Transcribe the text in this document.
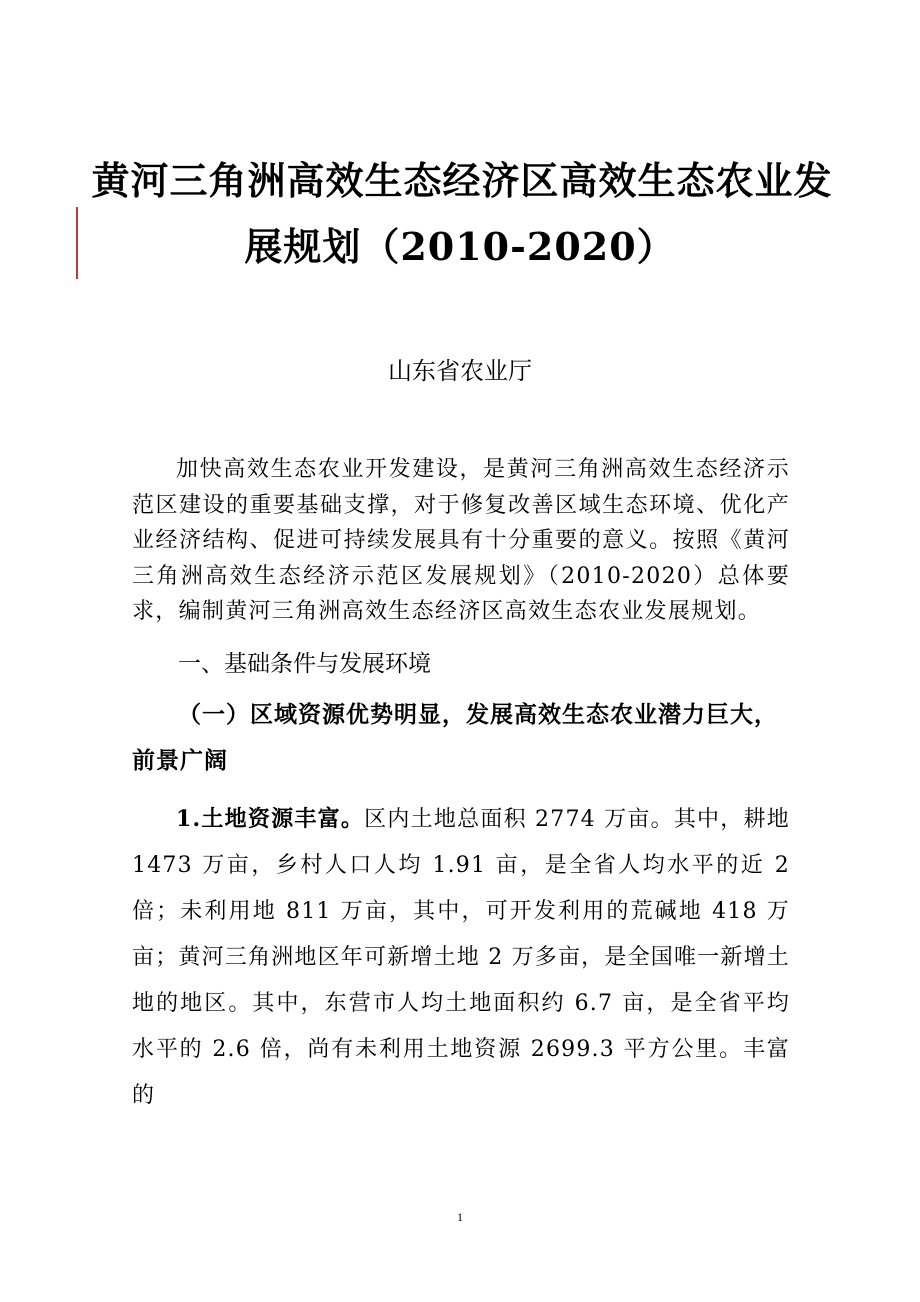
黄河三角洲高效生态经济区高效生态农业发
展规划（2010-2020）
山东省农业厅

加快高效生态农业开发建设，是黄河三角洲高效生态经济示范区建设的重要基础支撑，对于修复改善区域生态环境、优化产业经济结构、促进可持续发展具有十分重要的意义。按照《黄河三角洲高效生态经济示范区发展规划》（2010-2020）总体要求，编制黄河三角洲高效生态经济区高效生态农业发展规划。

一、基础条件与发展环境

（一）区域资源优势明显，发展高效生态农业潜力巨大，前景广阔

1.土地资源丰富。区内土地总面积 2774 万亩。其中，耕地 1473 万亩，乡村人口人均 1.91 亩，是全省人均水平的近 2 倍；未利用地 811 万亩，其中，可开发利用的荒碱地 418 万亩；黄河三角洲地区年可新增土地 2 万多亩，是全国唯一新增土地的地区。其中，东营市人均土地面积约 6.7 亩，是全省平均水平的 2.6 倍，尚有未利用土地资源 2699.3 平方公里。丰富的

1
